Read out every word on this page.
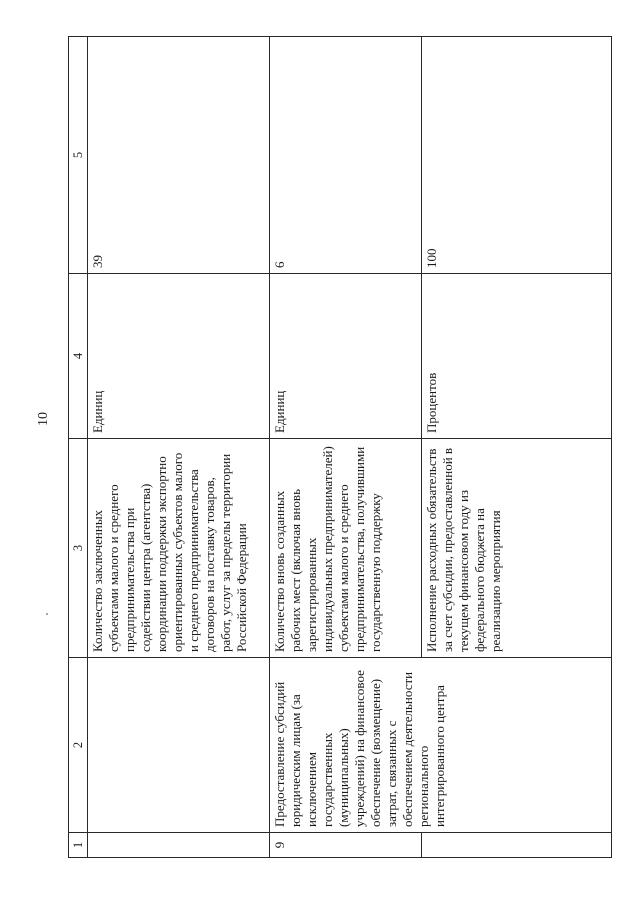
10
1	2	3	4	5
		Количество заключенных субъектами малого и среднего предпринимательства при содействии центра (агентства) координации поддержки экспортно ориентированных субъектов малого и среднего предпринимательства договоров на поставку товаров, работ, услуг за пределы территории Российской Федерации	Единиц	39
9	Предоставление субсидий юридическим лицам (за исключением государственных (муниципальных) учреждений) на финансовое обеспечение (возмещение) затрат, связанных с обеспечением деятельности регионального интегрированного центра	Количество вновь созданных рабочих мест (включая вновь зарегистрированных индивидуальных предпринимателей) субъектами малого и среднего предпринимательства, получившими государственную поддержку	Единиц	6
		Исполнение расходных обязательств за счет субсидии, предоставленной в текущем финансовом году из федерального бюджета на реализацию мероприятия	Процентов	100
